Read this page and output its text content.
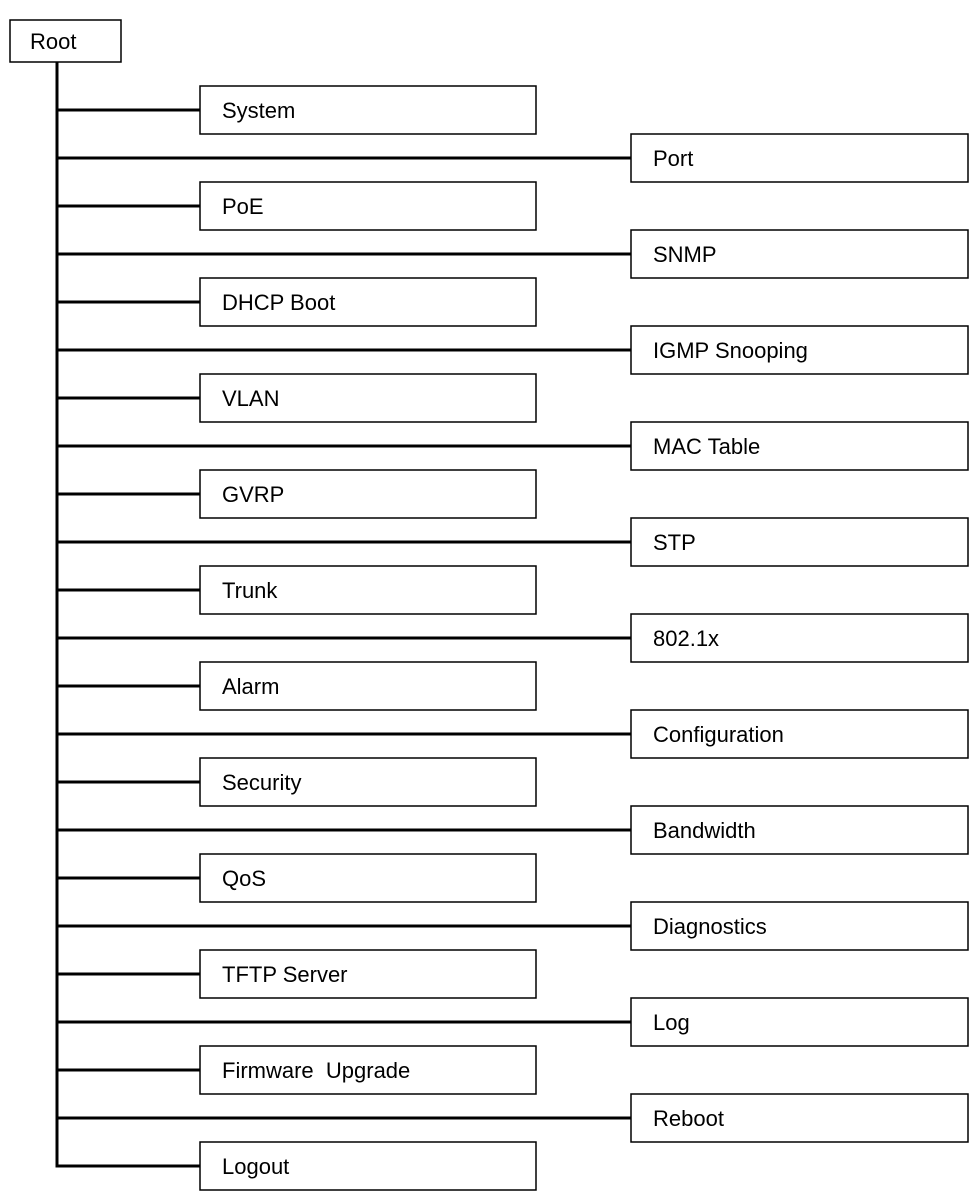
Root
System
Port
PoE
SNMP
DHCP Boot
IGMP Snooping
VLAN
MAC Table
GVRP
STP
Trunk
802.1x
Alarm
Configuration
Security
Bandwidth
QoS
Diagnostics
TFTP Server
Log
Firmware  Upgrade
Reboot
Logout
